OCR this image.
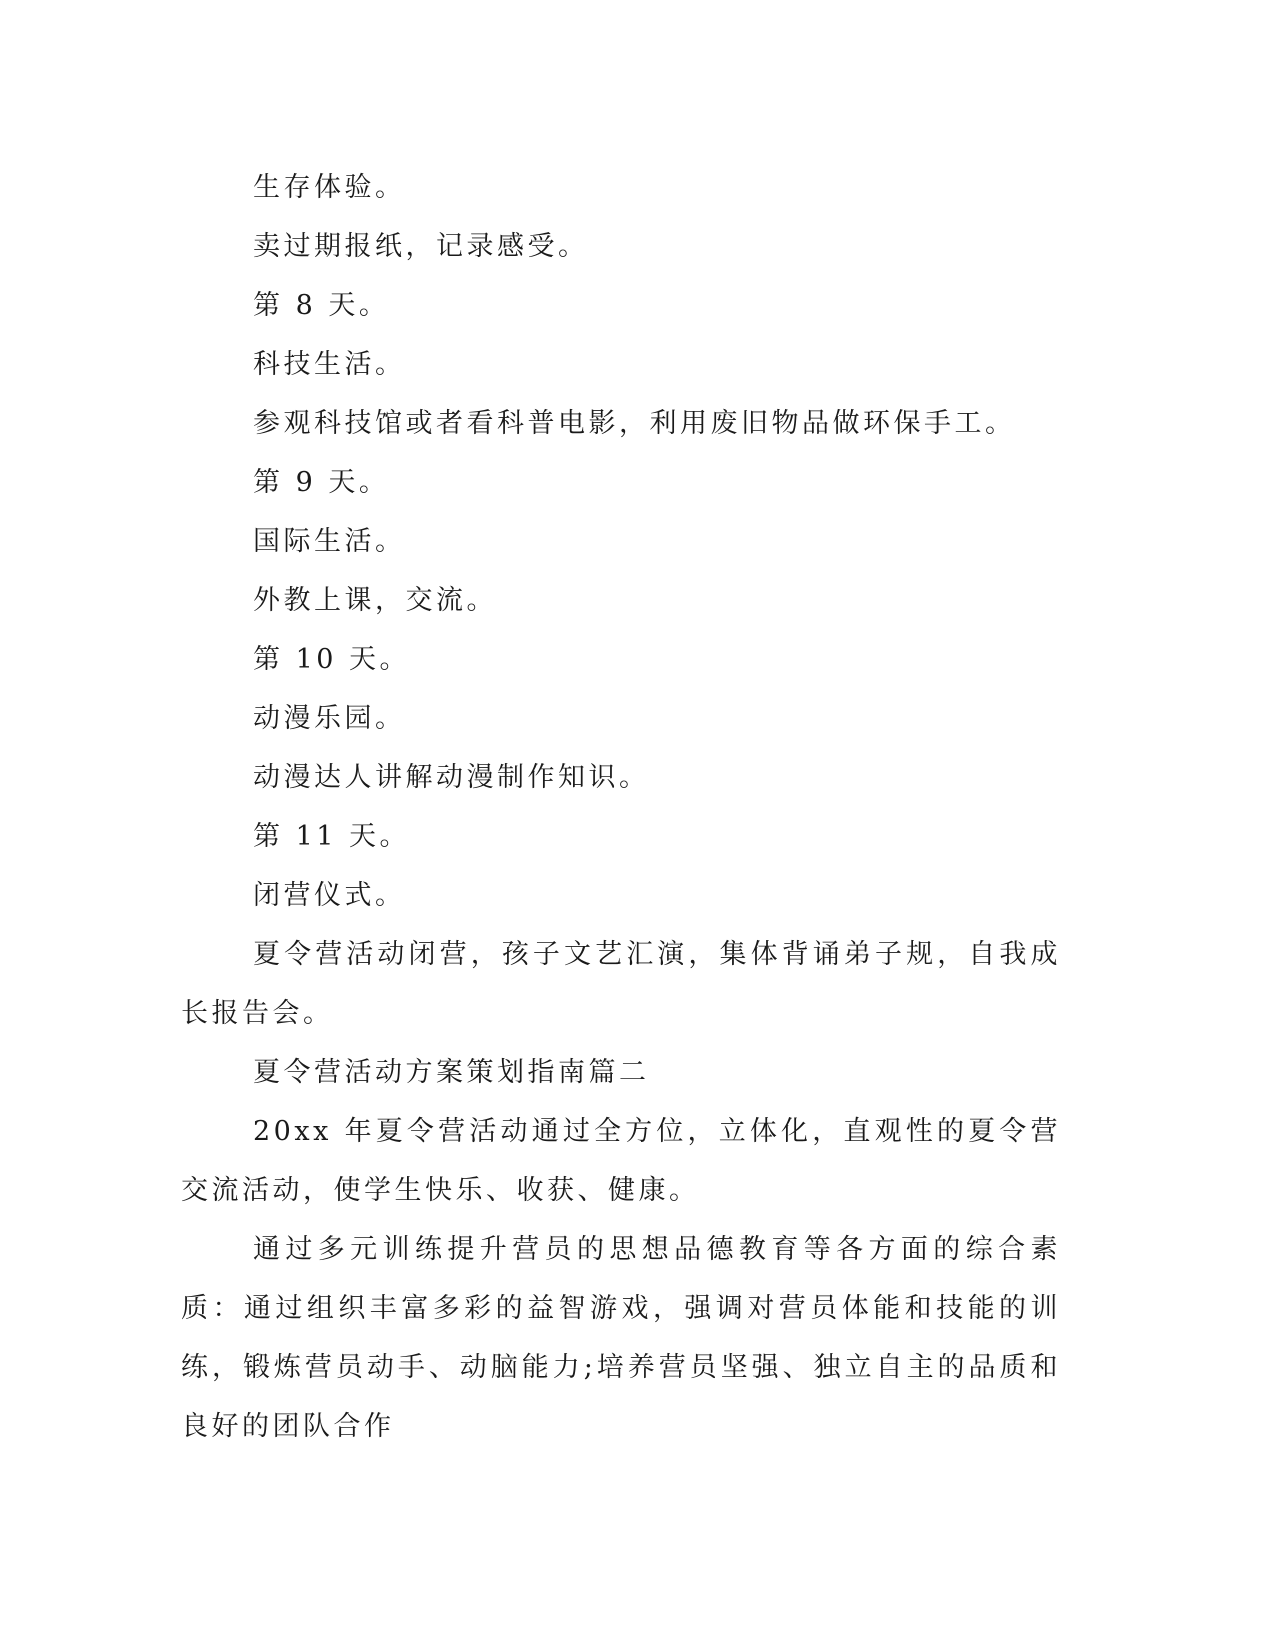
生存体验。

卖过期报纸，记录感受。

第 8 天。

科技生活。

参观科技馆或者看科普电影，利用废旧物品做环保手工。

第 9 天。

国际生活。

外教上课，交流。

第 10 天。

动漫乐园。

动漫达人讲解动漫制作知识。

第 11 天。

闭营仪式。

夏令营活动闭营，孩子文艺汇演，集体背诵弟子规，自我成长报告会。

夏令营活动方案策划指南篇二

20xx 年夏令营活动通过全方位，立体化，直观性的夏令营交流活动，使学生快乐、收获、健康。

通过多元训练提升营员的思想品德教育等各方面的综合素质：通过组织丰富多彩的益智游戏，强调对营员体能和技能的训练，锻炼营员动手、动脑能力;培养营员坚强、独立自主的品质和良好的团队合作
